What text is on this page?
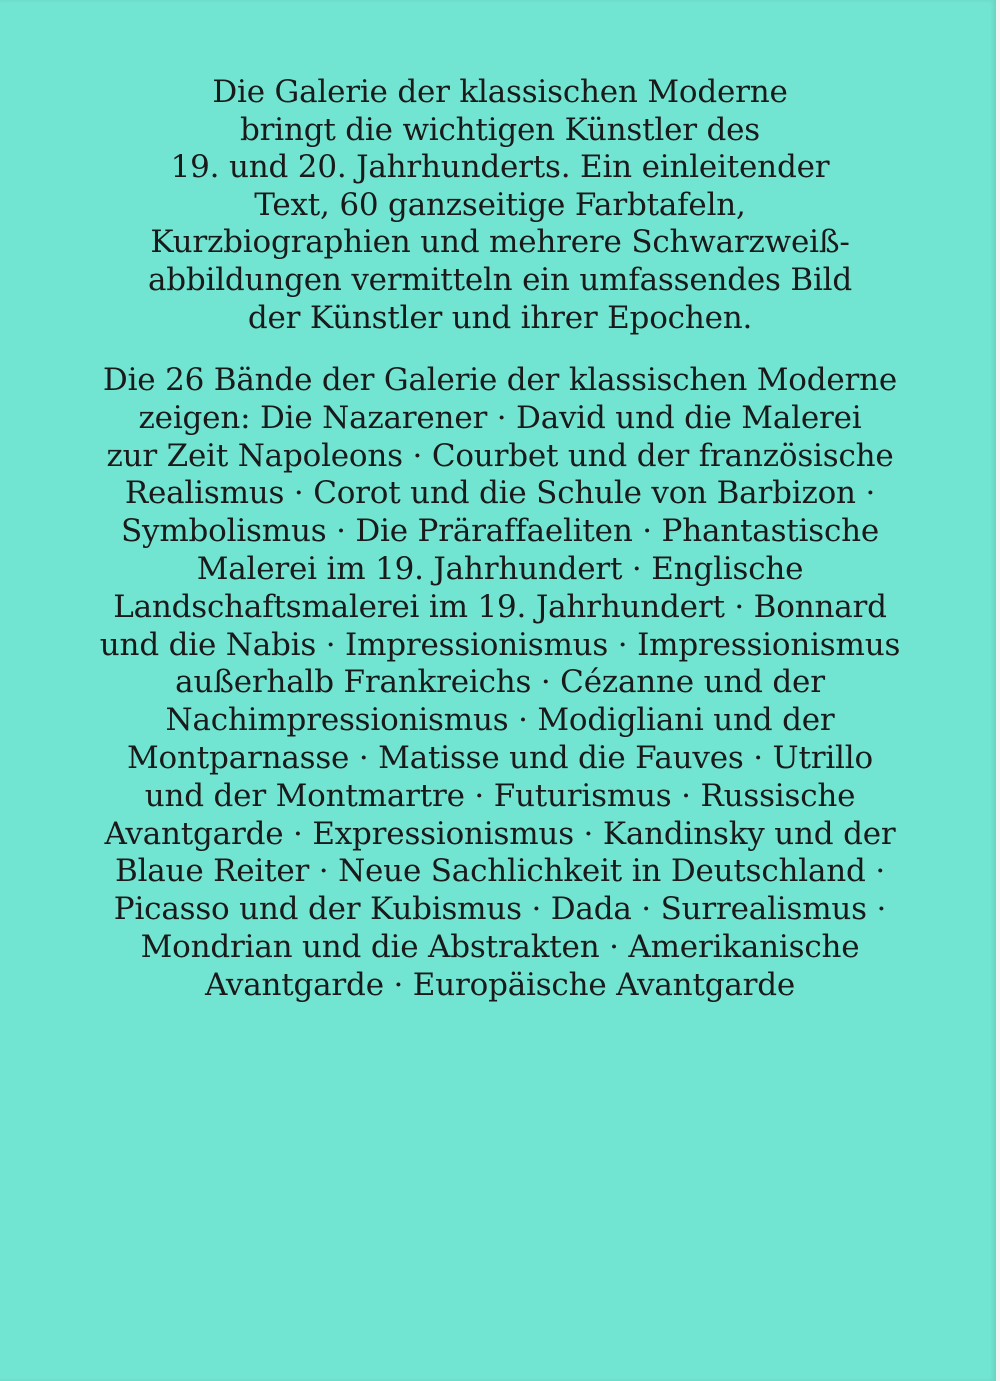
Die Galerie der klassischen Moderne
bringt die wichtigen Künstler des
19. und 20. Jahrhunderts. Ein einleitender
Text, 60 ganzseitige Farbtafeln,
Kurzbiographien und mehrere Schwarzweiß-
abbildungen vermitteln ein umfassendes Bild
der Künstler und ihrer Epochen.
Die 26 Bände der Galerie der klassischen Moderne
zeigen: Die Nazarener · David und die Malerei
zur Zeit Napoleons · Courbet und der französische
Realismus · Corot und die Schule von Barbizon ·
Symbolismus · Die Präraffaeliten · Phantastische
Malerei im 19. Jahrhundert · Englische
Landschaftsmalerei im 19. Jahrhundert · Bonnard
und die Nabis · Impressionismus · Impressionismus
außerhalb Frankreichs · Cézanne und der
Nachimpressionismus · Modigliani und der
Montparnasse · Matisse und die Fauves · Utrillo
und der Montmartre · Futurismus · Russische
Avantgarde · Expressionismus · Kandinsky und der
Blaue Reiter · Neue Sachlichkeit in Deutschland ·
Picasso und der Kubismus · Dada · Surrealismus ·
Mondrian und die Abstrakten · Amerikanische
Avantgarde · Europäische Avantgarde
